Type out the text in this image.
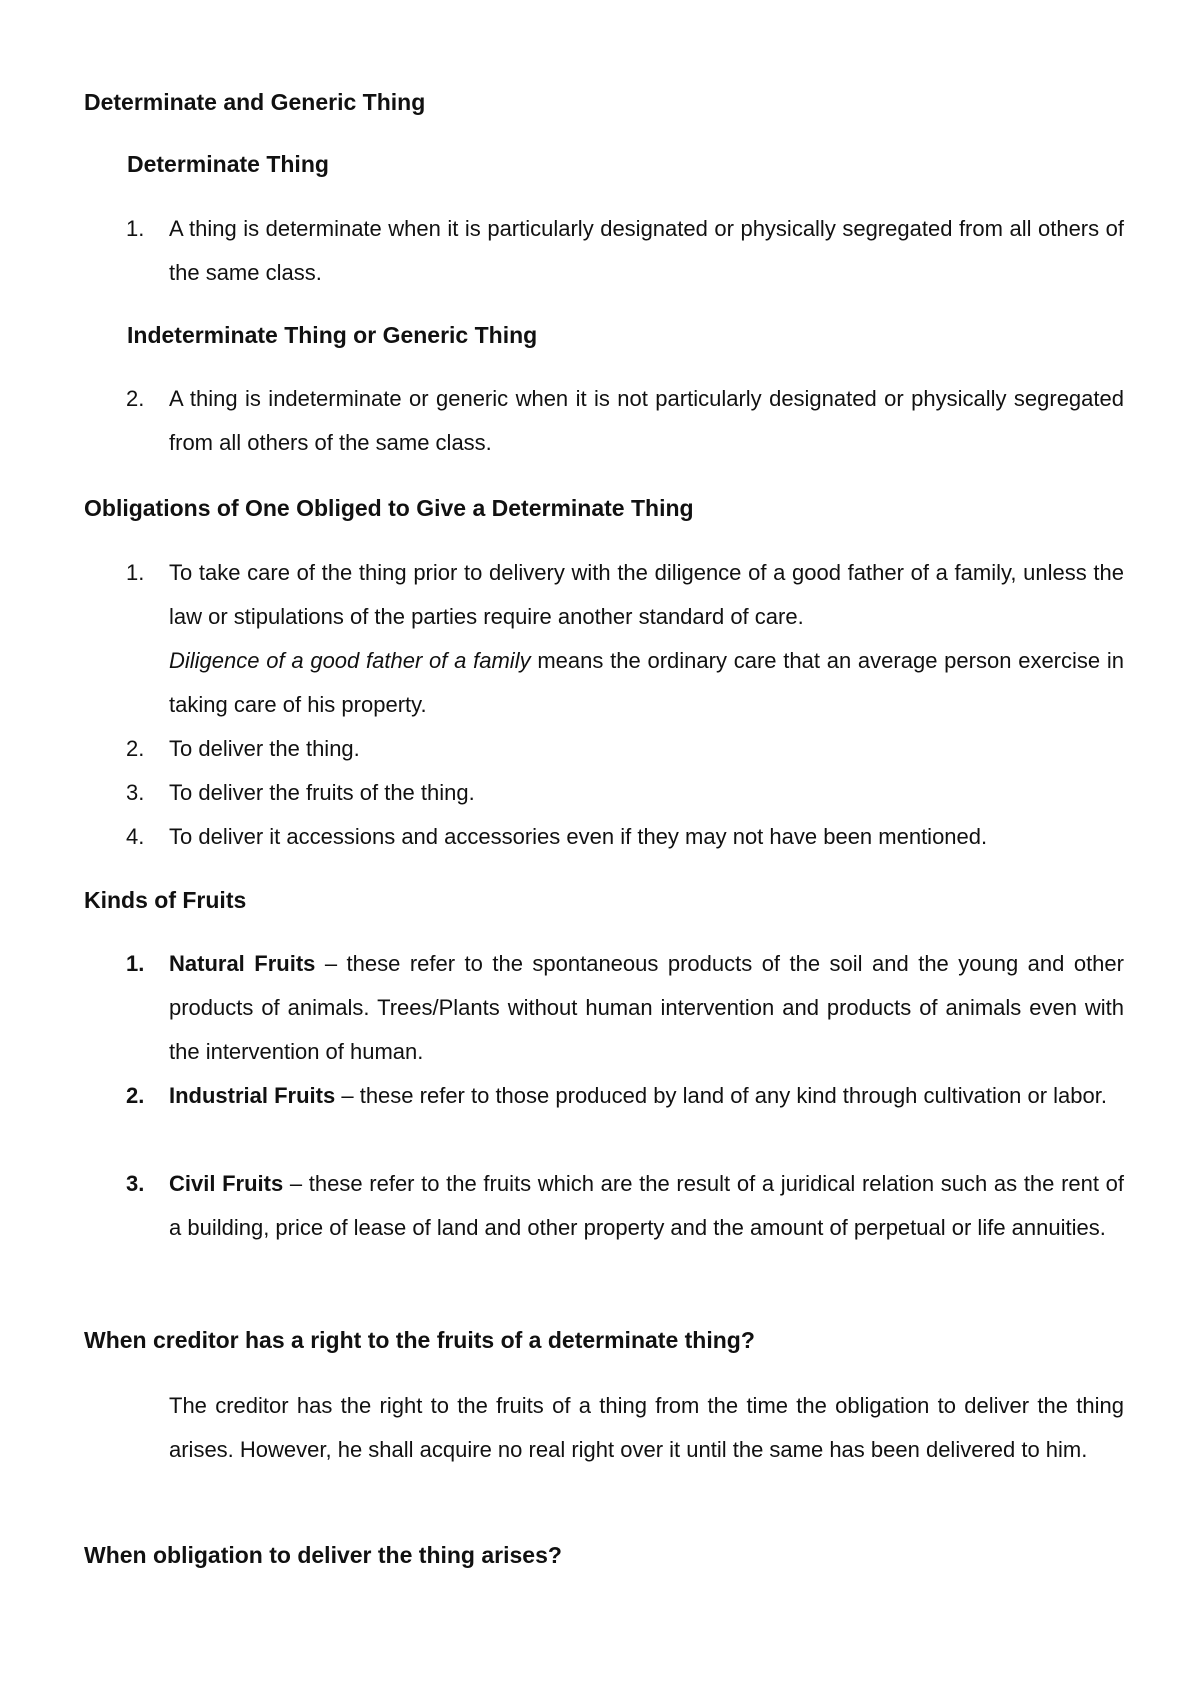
Determinate and Generic Thing
Determinate Thing
1. A thing is determinate when it is particularly designated or physically segregated from all others of the same class.
Indeterminate Thing or Generic Thing
2. A thing is indeterminate or generic when it is not particularly designated or physically segregated from all others of the same class.
Obligations of One Obliged to Give a Determinate Thing
1. To take care of the thing prior to delivery with the diligence of a good father of a family, unless the law or stipulations of the parties require another standard of care.
Diligence of a good father of a family means the ordinary care that an average person exercise in taking care of his property.
2. To deliver the thing.
3. To deliver the fruits of the thing.
4. To deliver it accessions and accessories even if they may not have been mentioned.
Kinds of Fruits
1. Natural Fruits – these refer to the spontaneous products of the soil and the young and other products of animals. Trees/Plants without human intervention and products of animals even with the intervention of human.
2. Industrial Fruits – these refer to those produced by land of any kind through cultivation or labor.
3. Civil Fruits – these refer to the fruits which are the result of a juridical relation such as the rent of a building, price of lease of land and other property and the amount of perpetual or life annuities.
When creditor has a right to the fruits of a determinate thing?
The creditor has the right to the fruits of a thing from the time the obligation to deliver the thing arises. However, he shall acquire no real right over it until the same has been delivered to him.
When obligation to deliver the thing arises?
